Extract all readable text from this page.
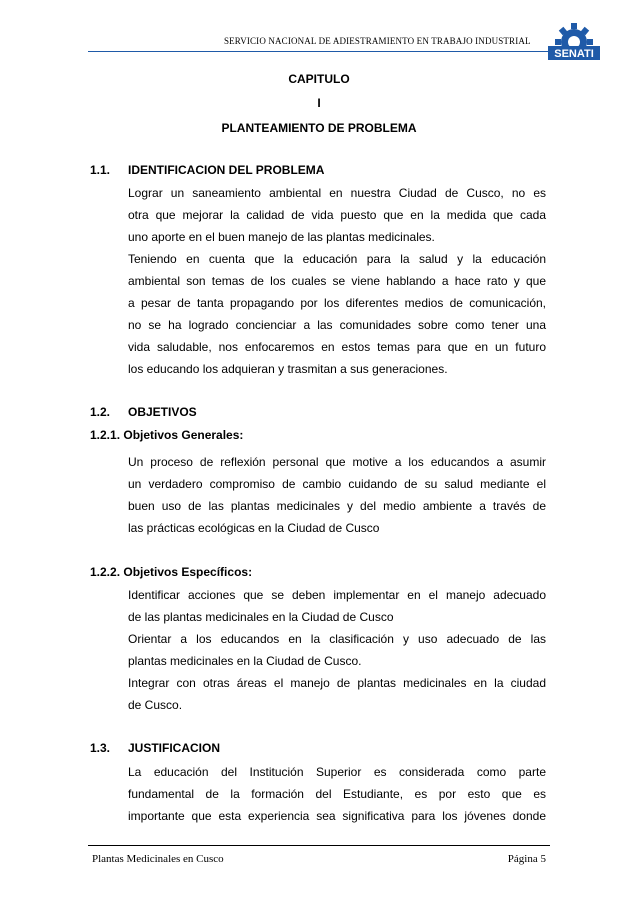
SERVICIO NACIONAL DE ADIESTRAMIENTO EN TRABAJO INDUSTRIAL
SENATI
CAPITULO
I
PLANTEAMIENTO DE PROBLEMA
1.1. IDENTIFICACION DEL PROBLEMA
Lograr un saneamiento ambiental en nuestra Ciudad de Cusco, no es
otra que mejorar la calidad de vida puesto que en la medida que cada
uno aporte en el buen manejo de las plantas medicinales.
Teniendo en cuenta que la educación para la salud y la educación
ambiental son temas de los cuales se viene hablando a hace rato y que
a pesar de tanta propagando por los diferentes medios de comunicación,
no se ha logrado concienciar a las comunidades sobre como tener una
vida saludable, nos enfocaremos en estos temas para que en un futuro
los educando los adquieran y trasmitan a sus generaciones.
1.2. OBJETIVOS
1.2.1. Objetivos Generales:
Un proceso de reflexión personal que motive a los educandos a asumir
un verdadero compromiso de cambio cuidando de su salud mediante el
buen uso de las plantas medicinales y del medio ambiente a través de
las prácticas ecológicas en la Ciudad de Cusco
1.2.2. Objetivos Específicos:
Identificar acciones que se deben implementar en el manejo adecuado
de las plantas medicinales en la Ciudad de Cusco
Orientar a los educandos en la clasificación y uso adecuado de las
plantas medicinales en la Ciudad de Cusco.
Integrar con otras áreas el manejo de plantas medicinales en la ciudad
de Cusco.
1.3. JUSTIFICACION
La educación del Institución Superior es considerada como parte
fundamental de la formación del Estudiante, es por esto que es
importante que esta experiencia sea significativa para los jóvenes donde
Plantas Medicinales en Cusco	Página 5
